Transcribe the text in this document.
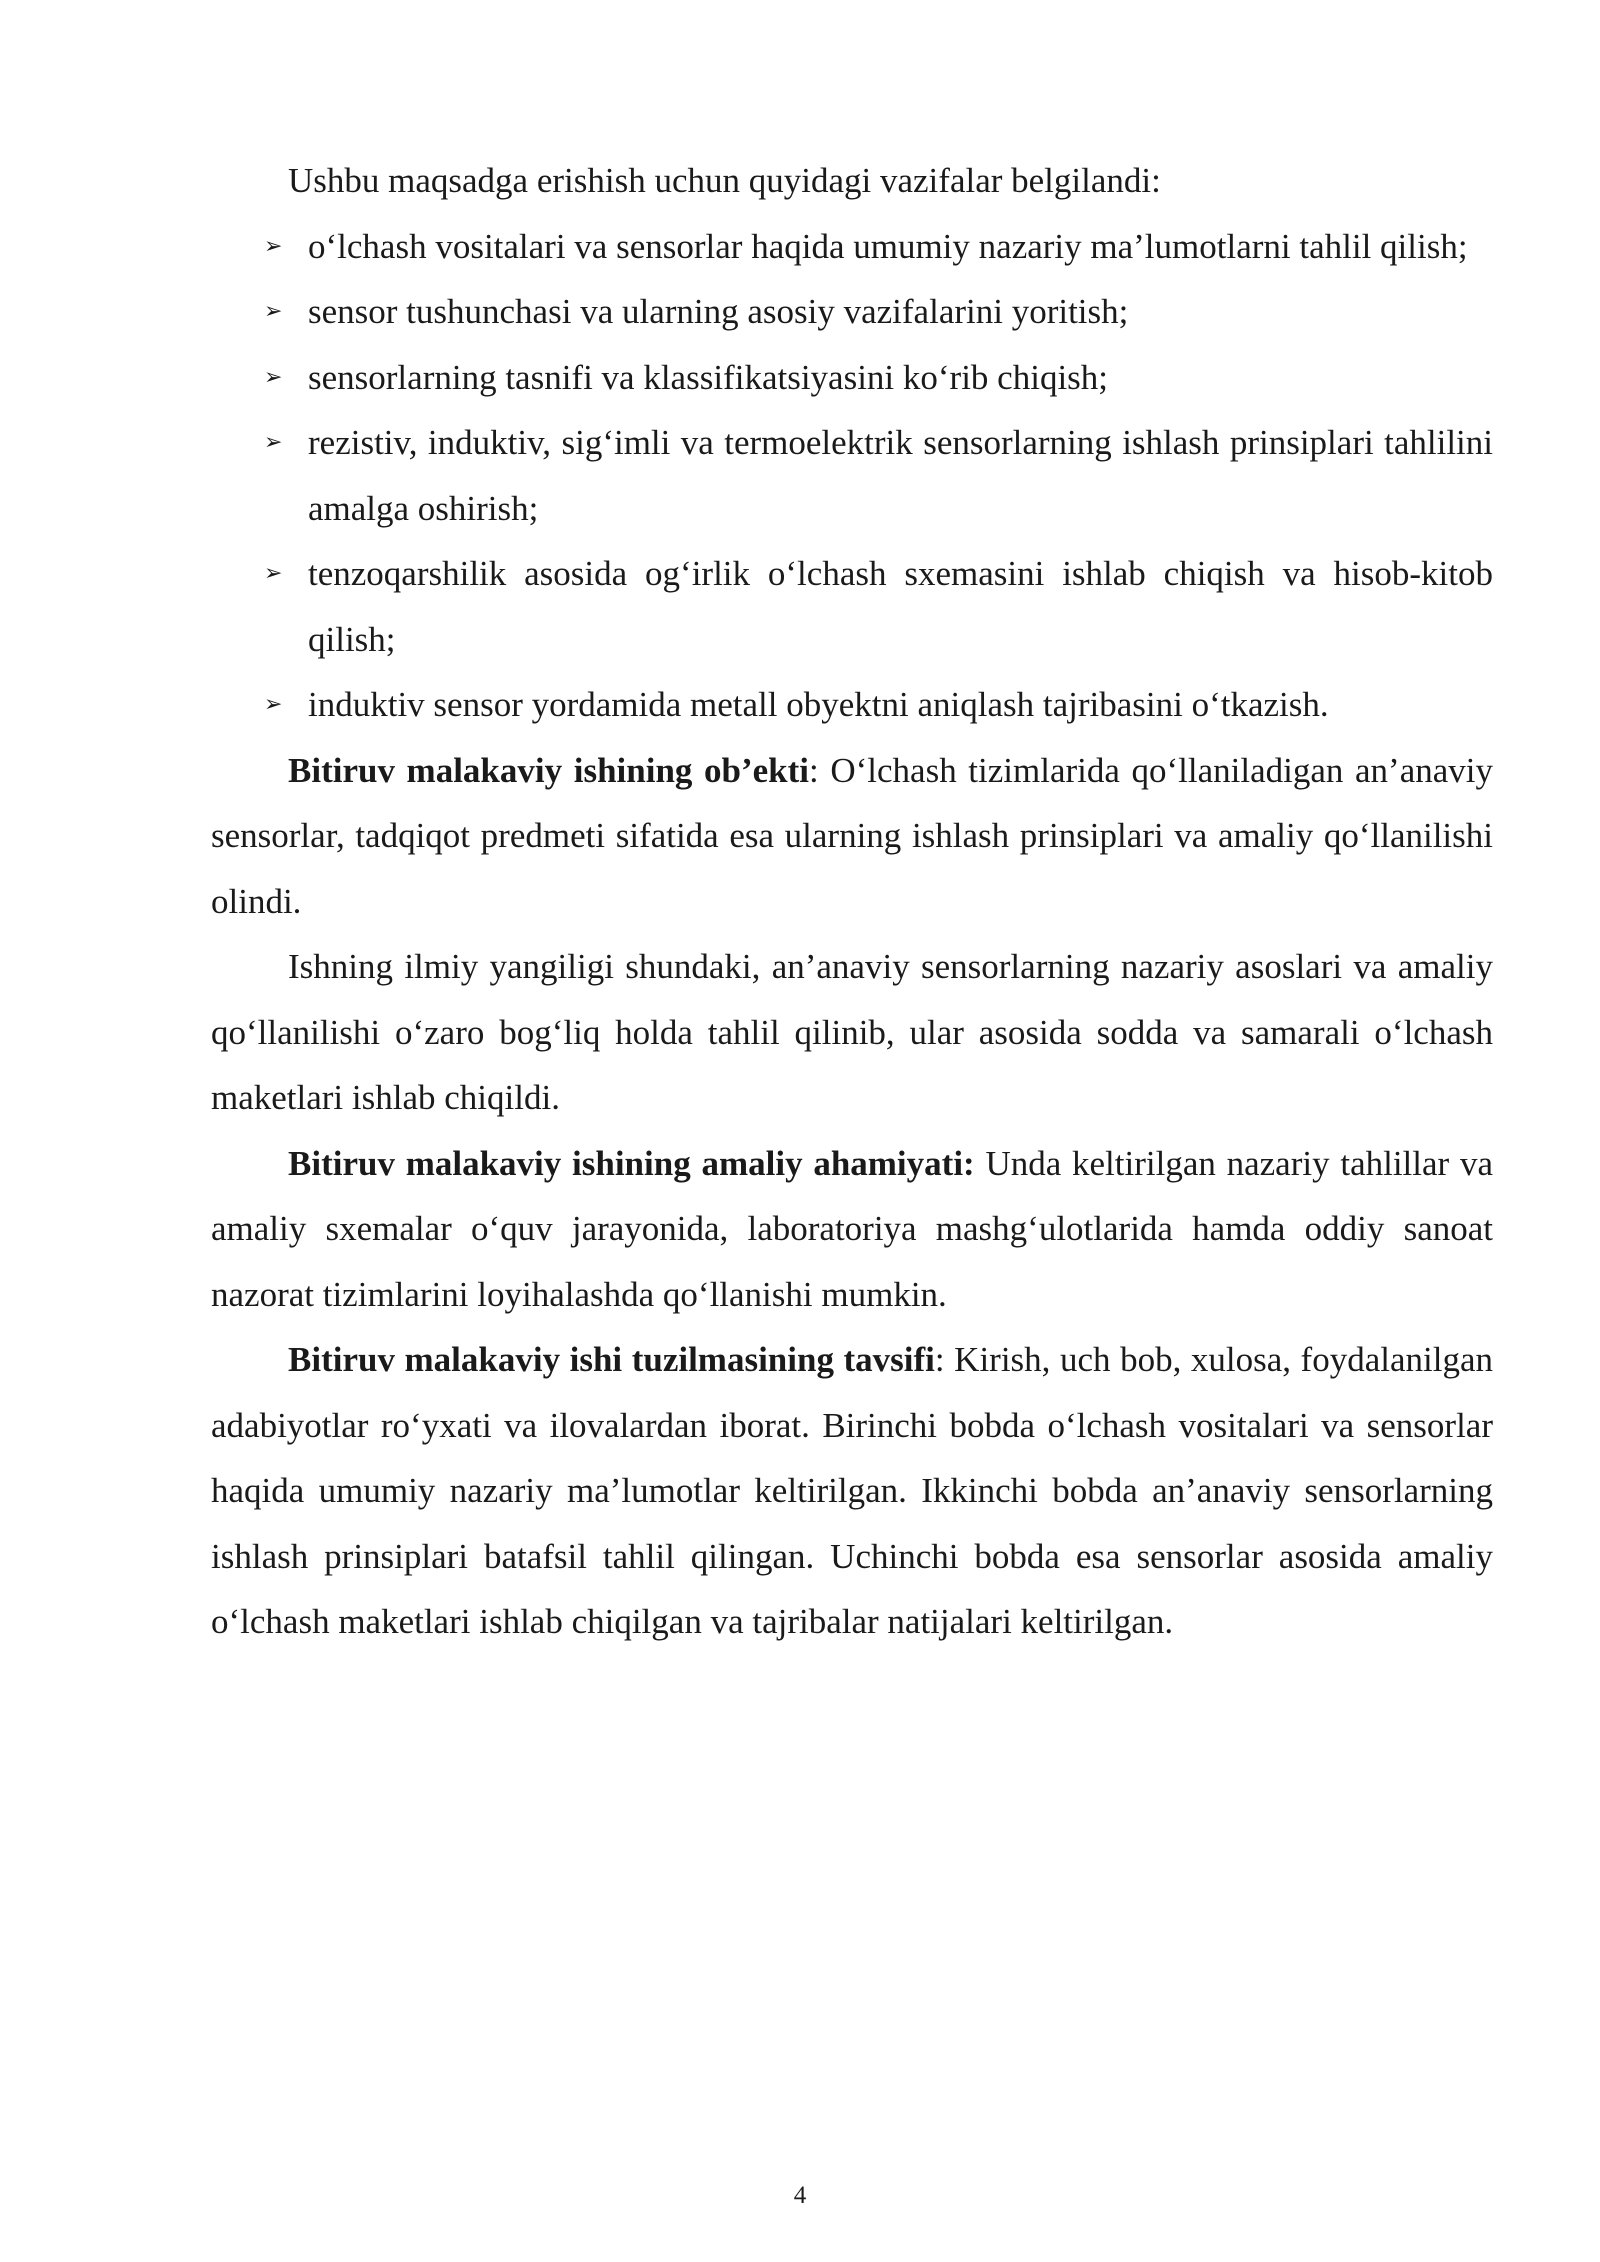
Ushbu maqsadga erishish uchun quyidagi vazifalar belgilandi:

➢ o‘lchash vositalari va sensorlar haqida umumiy nazariy ma’lumotlarni tahlil qilish;
➢ sensor tushunchasi va ularning asosiy vazifalarini yoritish;
➢ sensorlarning tasnifi va klassifikatsiyasini ko‘rib chiqish;
➢ rezistiv, induktiv, sig‘imli va termoelektrik sensorlarning ishlash prinsiplari tahlilini amalga oshirish;
➢ tenzoqarshilik asosida og‘irlik o‘lchash sxemasini ishlab chiqish va hisob-kitob qilish;
➢ induktiv sensor yordamida metall obyektni aniqlash tajribasini o‘tkazish.

Bitiruv malakaviy ishining ob’ekti: O‘lchash tizimlarida qo‘llaniladigan an’anaviy sensorlar, tadqiqot predmeti sifatida esa ularning ishlash prinsiplari va amaliy qo‘llanilishi olindi.

Ishning ilmiy yangiligi shundaki, an’anaviy sensorlarning nazariy asoslari va amaliy qo‘llanilishi o‘zaro bog‘liq holda tahlil qilinib, ular asosida sodda va samarali o‘lchash maketlari ishlab chiqildi.

Bitiruv malakaviy ishining amaliy ahamiyati: Unda keltirilgan nazariy tahlillar va amaliy sxemalar o‘quv jarayonida, laboratoriya mashg‘ulotlarida hamda oddiy sanoat nazorat tizimlarini loyihalashda qo‘llanishi mumkin.

Bitiruv malakaviy ishi tuzilmasining tavsifi: Kirish, uch bob, xulosa, foydalanilgan adabiyotlar ro‘yxati va ilovalardan iborat. Birinchi bobda o‘lchash vositalari va sensorlar haqida umumiy nazariy ma’lumotlar keltirilgan. Ikkinchi bobda an’anaviy sensorlarning ishlash prinsiplari batafsil tahlil qilingan. Uchinchi bobda esa sensorlar asosida amaliy o‘lchash maketlari ishlab chiqilgan va tajribalar natijalari keltirilgan.

4
